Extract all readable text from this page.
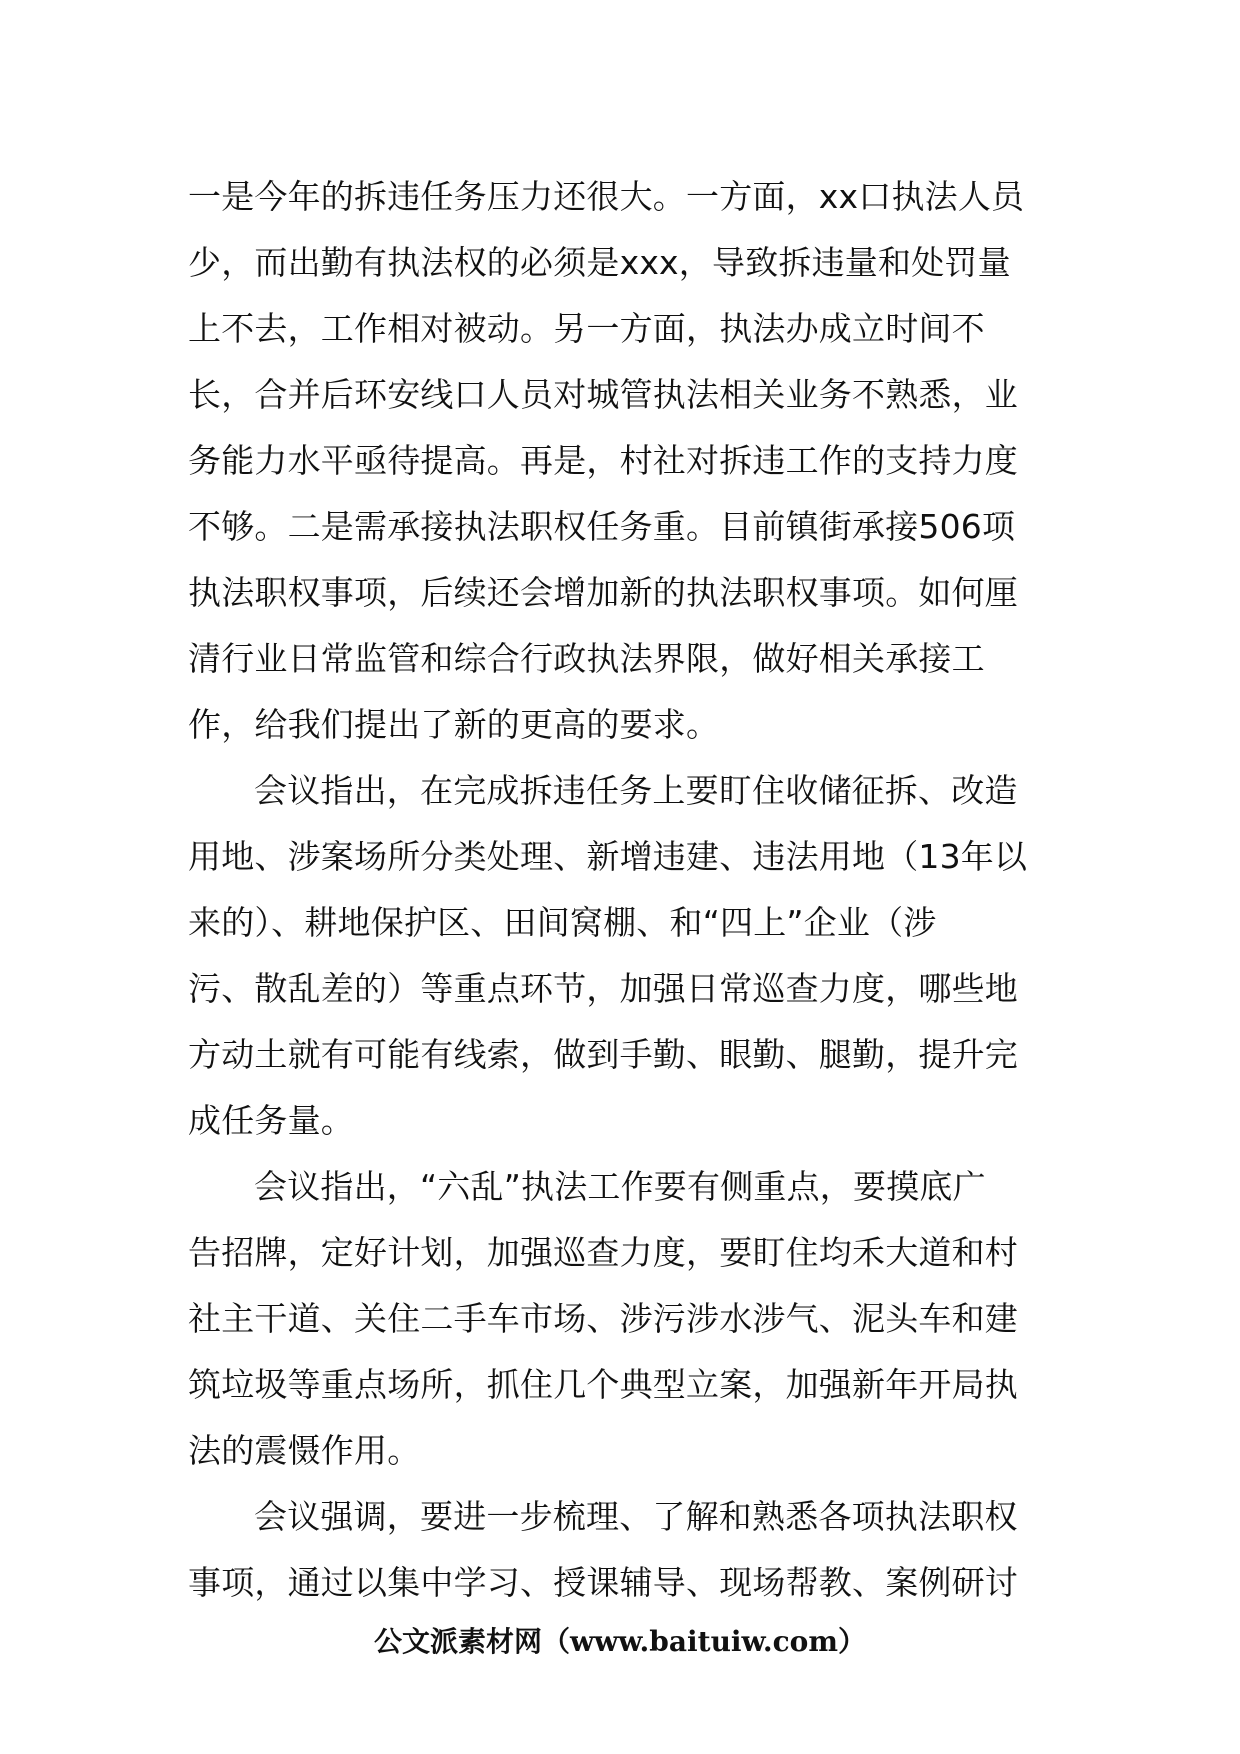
一是今年的拆违任务压力还很大。一方面，xx口执法人员
少，而出勤有执法权的必须是xxx，导致拆违量和处罚量
上不去，工作相对被动。另一方面，执法办成立时间不
长，合并后环安线口人员对城管执法相关业务不熟悉，业
务能力水平亟待提高。再是，村社对拆违工作的支持力度
不够。二是需承接执法职权任务重。目前镇街承接506项
执法职权事项，后续还会增加新的执法职权事项。如何厘
清行业日常监管和综合行政执法界限，做好相关承接工
作，给我们提出了新的更高的要求。
会议指出，在完成拆违任务上要盯住收储征拆、改造
用地、涉案场所分类处理、新增违建、违法用地（13年以
来的）、耕地保护区、田间窝棚、和“四上”企业（涉
污、散乱差的）等重点环节，加强日常巡查力度，哪些地
方动土就有可能有线索，做到手勤、眼勤、腿勤，提升完
成任务量。
会议指出，“六乱”执法工作要有侧重点，要摸底广
告招牌，定好计划，加强巡查力度，要盯住均禾大道和村
社主干道、关住二手车市场、涉污涉水涉气、泥头车和建
筑垃圾等重点场所，抓住几个典型立案，加强新年开局执
法的震慑作用。
会议强调，要进一步梳理、了解和熟悉各项执法职权
事项，通过以集中学习、授课辅导、现场帮教、案例研讨
公文派素材网（www.baituiw.com）
